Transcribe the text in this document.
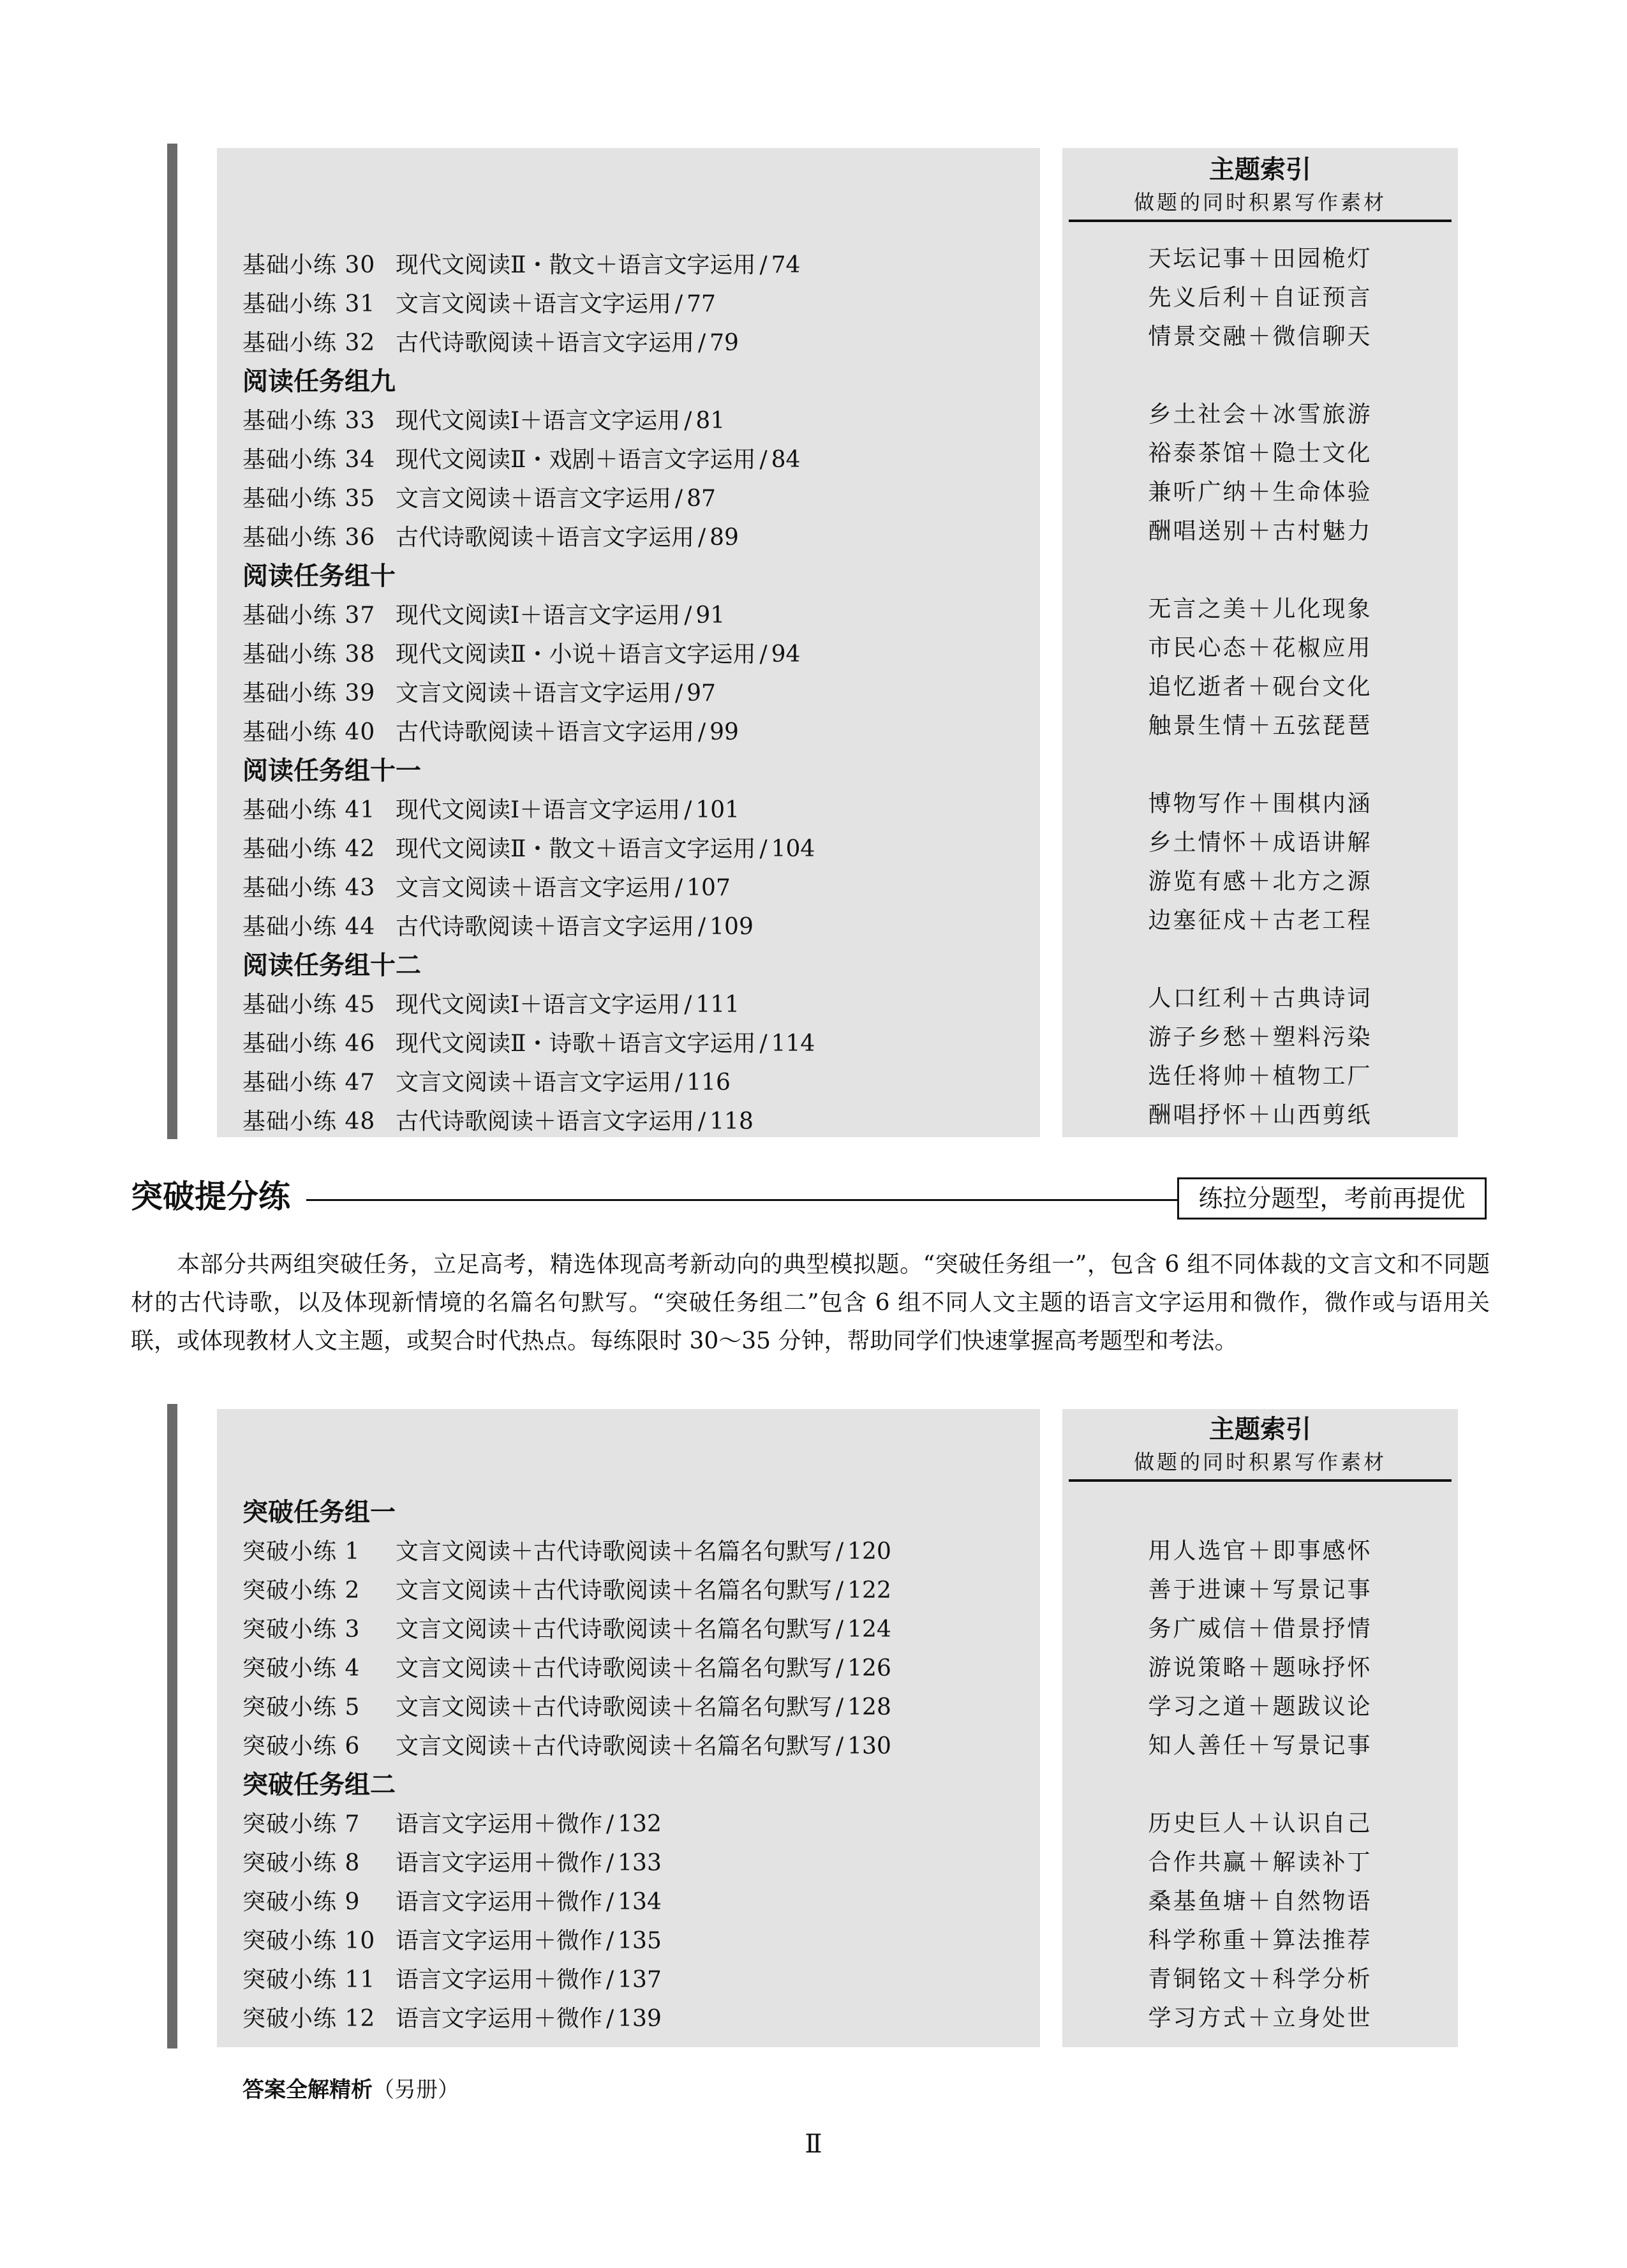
主题索引
做题的同时积累写作素材
基础小练 30 现代文阅读Ⅱ・散文＋语言文字运用 / 74
基础小练 31 文言文阅读＋语言文字运用 / 77
基础小练 32 古代诗歌阅读＋语言文字运用 / 79
阅读任务组九
基础小练 33 现代文阅读Ⅰ＋语言文字运用 / 81
基础小练 34 现代文阅读Ⅱ・戏剧＋语言文字运用 / 84
基础小练 35 文言文阅读＋语言文字运用 / 87
基础小练 36 古代诗歌阅读＋语言文字运用 / 89
阅读任务组十
基础小练 37 现代文阅读Ⅰ＋语言文字运用 / 91
基础小练 38 现代文阅读Ⅱ・小说＋语言文字运用 / 94
基础小练 39 文言文阅读＋语言文字运用 / 97
基础小练 40 古代诗歌阅读＋语言文字运用 / 99
阅读任务组十一
基础小练 41 现代文阅读Ⅰ＋语言文字运用 / 101
基础小练 42 现代文阅读Ⅱ・散文＋语言文字运用 / 104
基础小练 43 文言文阅读＋语言文字运用 / 107
基础小练 44 古代诗歌阅读＋语言文字运用 / 109
阅读任务组十二
基础小练 45 现代文阅读Ⅰ＋语言文字运用 / 111
基础小练 46 现代文阅读Ⅱ・诗歌＋语言文字运用 / 114
基础小练 47 文言文阅读＋语言文字运用 / 116
基础小练 48 古代诗歌阅读＋语言文字运用 / 118
天坛记事＋田园桅灯
先义后利＋自证预言
情景交融＋微信聊天
乡土社会＋冰雪旅游
裕泰茶馆＋隐士文化
兼听广纳＋生命体验
酬唱送别＋古村魅力
无言之美＋儿化现象
市民心态＋花椒应用
追忆逝者＋砚台文化
触景生情＋五弦琵琶
博物写作＋围棋内涵
乡土情怀＋成语讲解
游览有感＋北方之源
边塞征戍＋古老工程
人口红利＋古典诗词
游子乡愁＋塑料污染
选任将帅＋植物工厂
酬唱抒怀＋山西剪纸
突破提分练	练拉分题型，考前再提优

本部分共两组突破任务，立足高考，精选体现高考新动向的典型模拟题。“突破任务组一”，包含 6 组不同体裁的文言文和不同题材的古代诗歌，以及体现新情境的名篇名句默写。“突破任务组二”包含 6 组不同人文主题的语言文字运用和微作，微作或与语用关联，或体现教材人文主题，或契合时代热点。每练限时 30～35 分钟，帮助同学们快速掌握高考题型和考法。

主题索引
做题的同时积累写作素材
突破任务组一
突破小练 1 文言文阅读＋古代诗歌阅读＋名篇名句默写 / 120
突破小练 2 文言文阅读＋古代诗歌阅读＋名篇名句默写 / 122
突破小练 3 文言文阅读＋古代诗歌阅读＋名篇名句默写 / 124
突破小练 4 文言文阅读＋古代诗歌阅读＋名篇名句默写 / 126
突破小练 5 文言文阅读＋古代诗歌阅读＋名篇名句默写 / 128
突破小练 6 文言文阅读＋古代诗歌阅读＋名篇名句默写 / 130
突破任务组二
突破小练 7 语言文字运用＋微作 / 132
突破小练 8 语言文字运用＋微作 / 133
突破小练 9 语言文字运用＋微作 / 134
突破小练 10 语言文字运用＋微作 / 135
突破小练 11 语言文字运用＋微作 / 137
突破小练 12 语言文字运用＋微作 / 139
用人选官＋即事感怀
善于进谏＋写景记事
务广威信＋借景抒情
游说策略＋题咏抒怀
学习之道＋题跋议论
知人善任＋写景记事
历史巨人＋认识自己
合作共赢＋解读补丁
桑基鱼塘＋自然物语
科学称重＋算法推荐
青铜铭文＋科学分析
学习方式＋立身处世
答案全解精析（另册）
Ⅱ
